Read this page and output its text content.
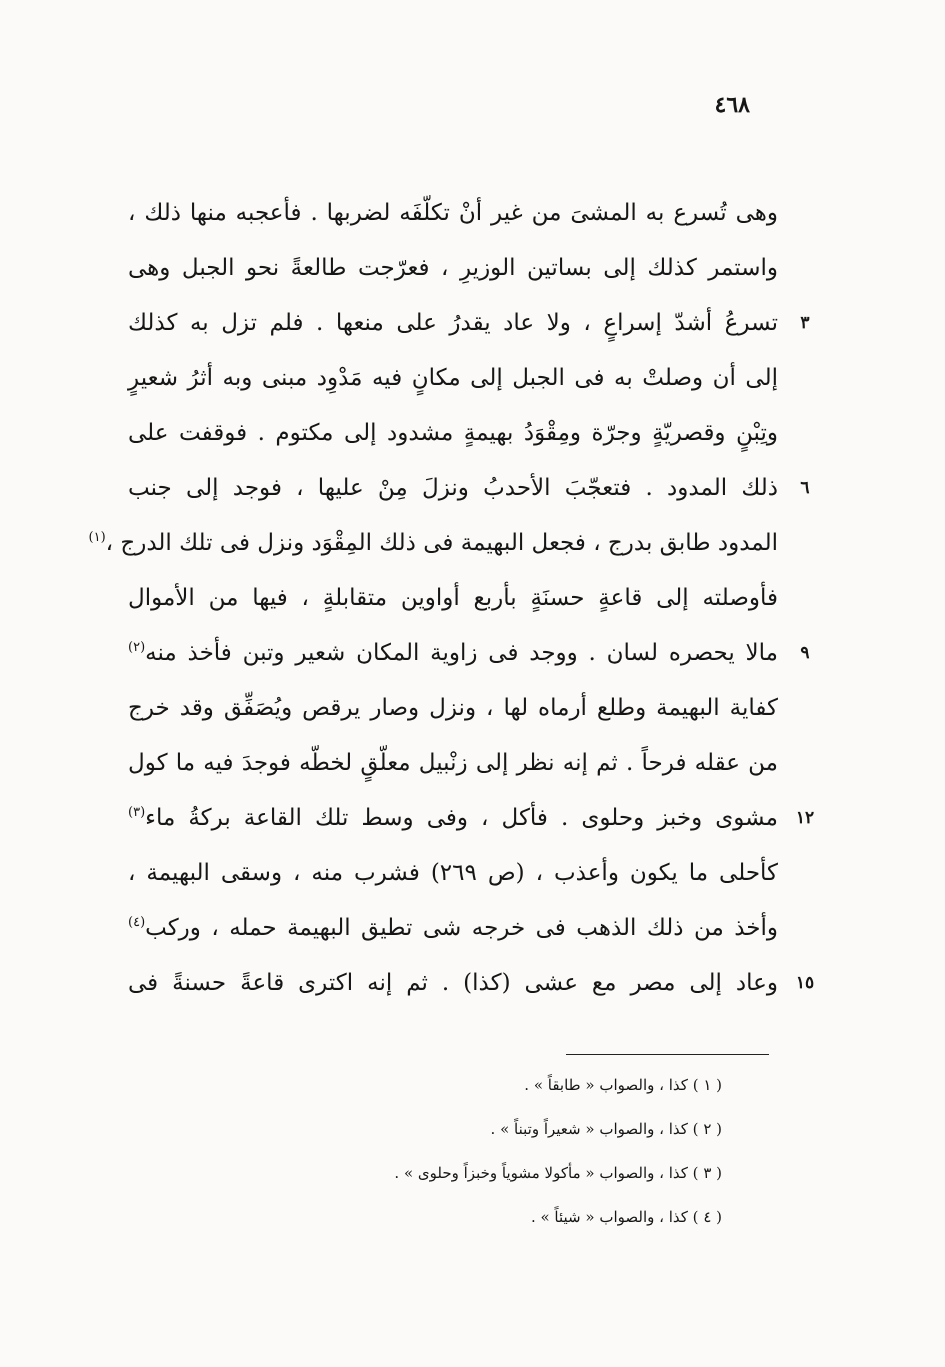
٤٦٨
وهى تُسرع به المشىَ من غير أنْ تكلّفَه لضربها . فأعجبه منها ذلك ،
واستمر كذلك إلى بساتين الوزيرِ ، فعرّجت طالعةً نحو الجبل وهى
تسرعُ أشدّ إسراعٍ ، ولا عاد يقدرُ على منعها . فلم تزل به كذلك	٣
إلى أن وصلتْ به فى الجبل إلى مكانٍ فيه مَدْوِد مبنى وبه أثرُ شعيرٍ
وتِبْنٍ وقصريّةٍ وجرّة ومِقْوَدُ بهيمةٍ مشدود إلى مكتوم . فوقفت على
ذلك المدود . فتعجّبَ الأحدبُ ونزلَ مِنْ عليها ، فوجد إلى جنب	٦
المدود طابق بدرج ، فجعل البهيمة فى ذلك المِقْوَد ونزل فى تلك الدرج ،$^{(١)}$
فأوصلته إلى قاعةٍ حسنَةٍ بأربع أواوين متقابلةٍ ، فيها من الأموال
مالا يحصره لسان . ووجد فى زاوية المكان شعير وتبن فأخذ منه$^{(٢)}$	٩
كفاية البهيمة وطلع أرماه لها ، ونزل وصار يرقص ويُصَفِّق وقد خرج
من عقله فرحاً . ثم إنه نظر إلى زنْبيل معلّقٍ لخطّه فوجدَ فيه ما كول
مشوى وخبز وحلوى . فأكل ، وفى وسط تلك القاعة بركةُ ماء$^{(٣)}$	١٢
كأحلى ما يكون وأعذب ، (ص ٢٦٩) فشرب منه ، وسقى البهيمة ،
وأخذ من ذلك الذهب فى خرجه شى تطيق البهيمة حمله ، وركب$^{(٤)}$
وعاد إلى مصر مع عشى (كذا) . ثم إنه اكترى قاعةً حسنةً فى	١٥
( ١ ) كذا ، والصواب « طابقاً » .
( ٢ ) كذا ، والصواب « شعيراً وتبناً » .
( ٣ ) كذا ، والصواب « مأكولا مشوياً وخبزاً وحلوى » .
( ٤ ) كذا ، والصواب « شيئاً » .
